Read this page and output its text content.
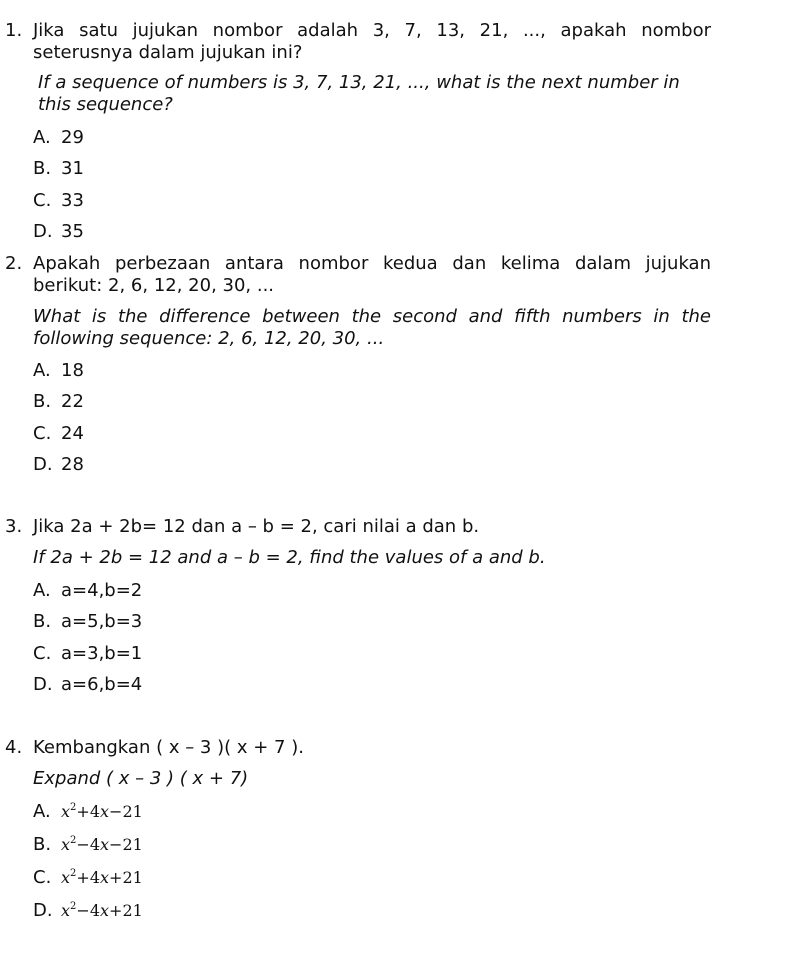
1. Jika satu jujukan nombor adalah 3, 7, 13, 21, ..., apakah nombor seterusnya dalam jujukan ini?
If a sequence of numbers is 3, 7, 13, 21, ..., what is the next number in this sequence?
A. 29
B. 31
C. 33
D. 35
2. Apakah perbezaan antara nombor kedua dan kelima dalam jujukan berikut: 2, 6, 12, 20, 30, ...
What is the difference between the second and fifth numbers in the following sequence: 2, 6, 12, 20, 30, ...
A. 18
B. 22
C. 24
D. 28
3. Jika 2a + 2b= 12 dan a – b = 2, cari nilai a dan b.
If 2a + 2b = 12 and a – b = 2, find the values of a and b.
A. a=4,b=2
B. a=5,b=3
C. a=3,b=1
D. a=6,b=4
4. Kembangkan ( x – 3 )( x + 7 ).
Expand ( x – 3 ) ( x + 7)
A. $x^2+4x-21$
B. $x^2-4x-21$
C. $x^2+4x+21$
D. $x^2-4x+21$
